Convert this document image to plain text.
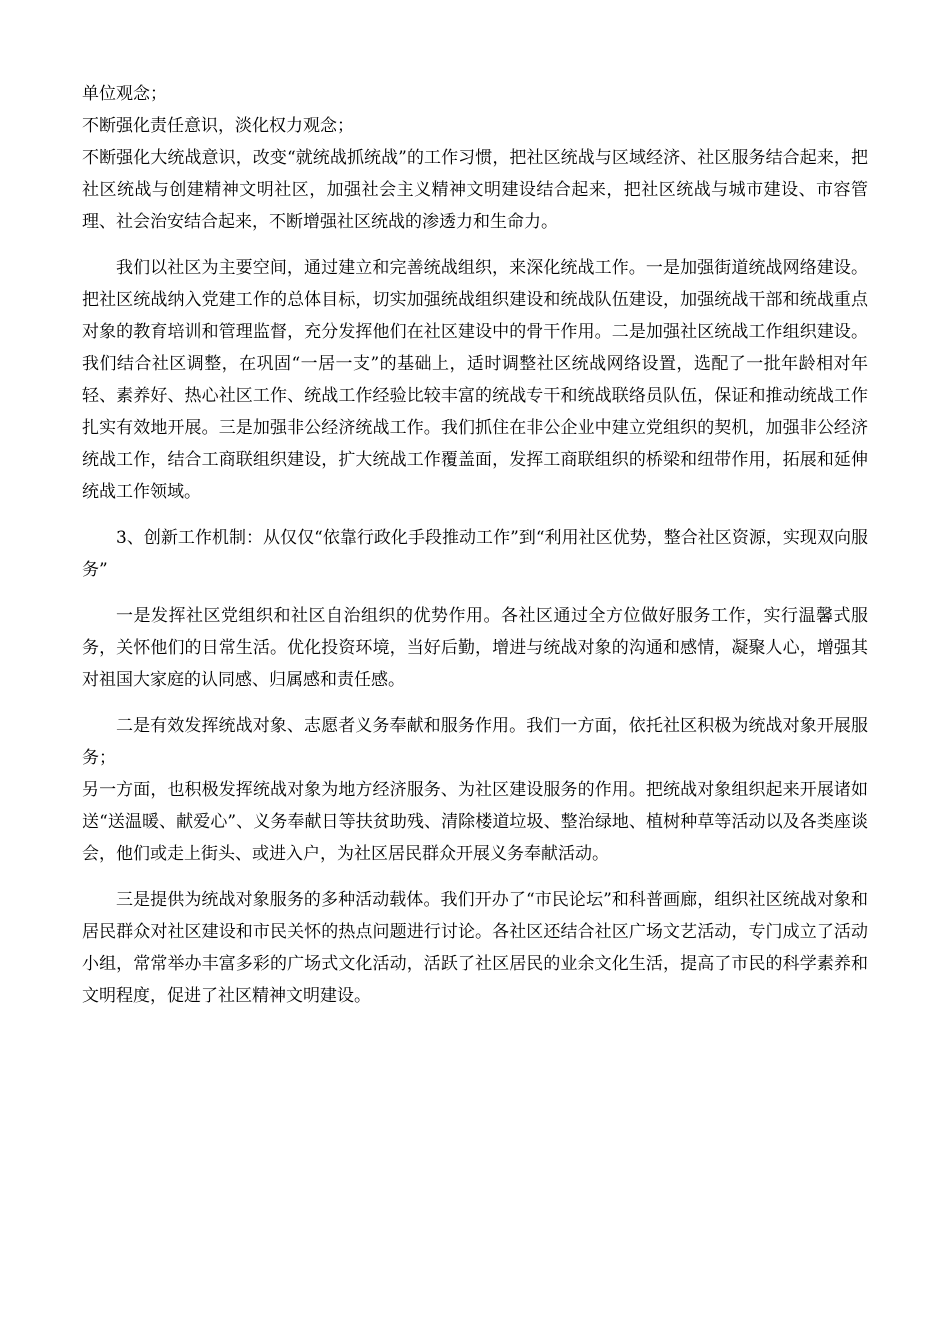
单位观念；

不断强化责任意识，淡化权力观念；

不断强化大统战意识，改变“就统战抓统战”的工作习惯，把社区统战与区域经济、社区服务结合起来，把社区统战与创建精神文明社区，加强社会主义精神文明建设结合起来，把社区统战与城市建设、市容管理、社会治安结合起来，不断增强社区统战的渗透力和生命力。

我们以社区为主要空间，通过建立和完善统战组织，来深化统战工作。一是加强街道统战网络建设。把社区统战纳入党建工作的总体目标，切实加强统战组织建设和统战队伍建设，加强统战干部和统战重点对象的教育培训和管理监督，充分发挥他们在社区建设中的骨干作用。二是加强社区统战工作组织建设。我们结合社区调整，在巩固“一居一支”的基础上，适时调整社区统战网络设置，选配了一批年龄相对年轻、素养好、热心社区工作、统战工作经验比较丰富的统战专干和统战联络员队伍，保证和推动统战工作扎实有效地开展。三是加强非公经济统战工作。我们抓住在非公企业中建立党组织的契机，加强非公经济统战工作，结合工商联组织建设，扩大统战工作覆盖面，发挥工商联组织的桥梁和纽带作用，拓展和延伸统战工作领域。

3、创新工作机制：从仅仅“依靠行政化手段推动工作”到“利用社区优势，整合社区资源，实现双向服务”

一是发挥社区党组织和社区自治组织的优势作用。各社区通过全方位做好服务工作，实行温馨式服务，关怀他们的日常生活。优化投资环境，当好后勤，增进与统战对象的沟通和感情，凝聚人心，增强其对祖国大家庭的认同感、归属感和责任感。

二是有效发挥统战对象、志愿者义务奉献和服务作用。我们一方面，依托社区积极为统战对象开展服务；

另一方面，也积极发挥统战对象为地方经济服务、为社区建设服务的作用。把统战对象组织起来开展诸如送“送温暖、献爱心”、义务奉献日等扶贫助残、清除楼道垃圾、整治绿地、植树种草等活动以及各类座谈会，他们或走上街头、或进入户，为社区居民群众开展义务奉献活动。

三是提供为统战对象服务的多种活动载体。我们开办了“市民论坛”和科普画廊，组织社区统战对象和居民群众对社区建设和市民关怀的热点问题进行讨论。各社区还结合社区广场文艺活动，专门成立了活动小组，常常举办丰富多彩的广场式文化活动，活跃了社区居民的业余文化生活，提高了市民的科学素养和文明程度，促进了社区精神文明建设。
